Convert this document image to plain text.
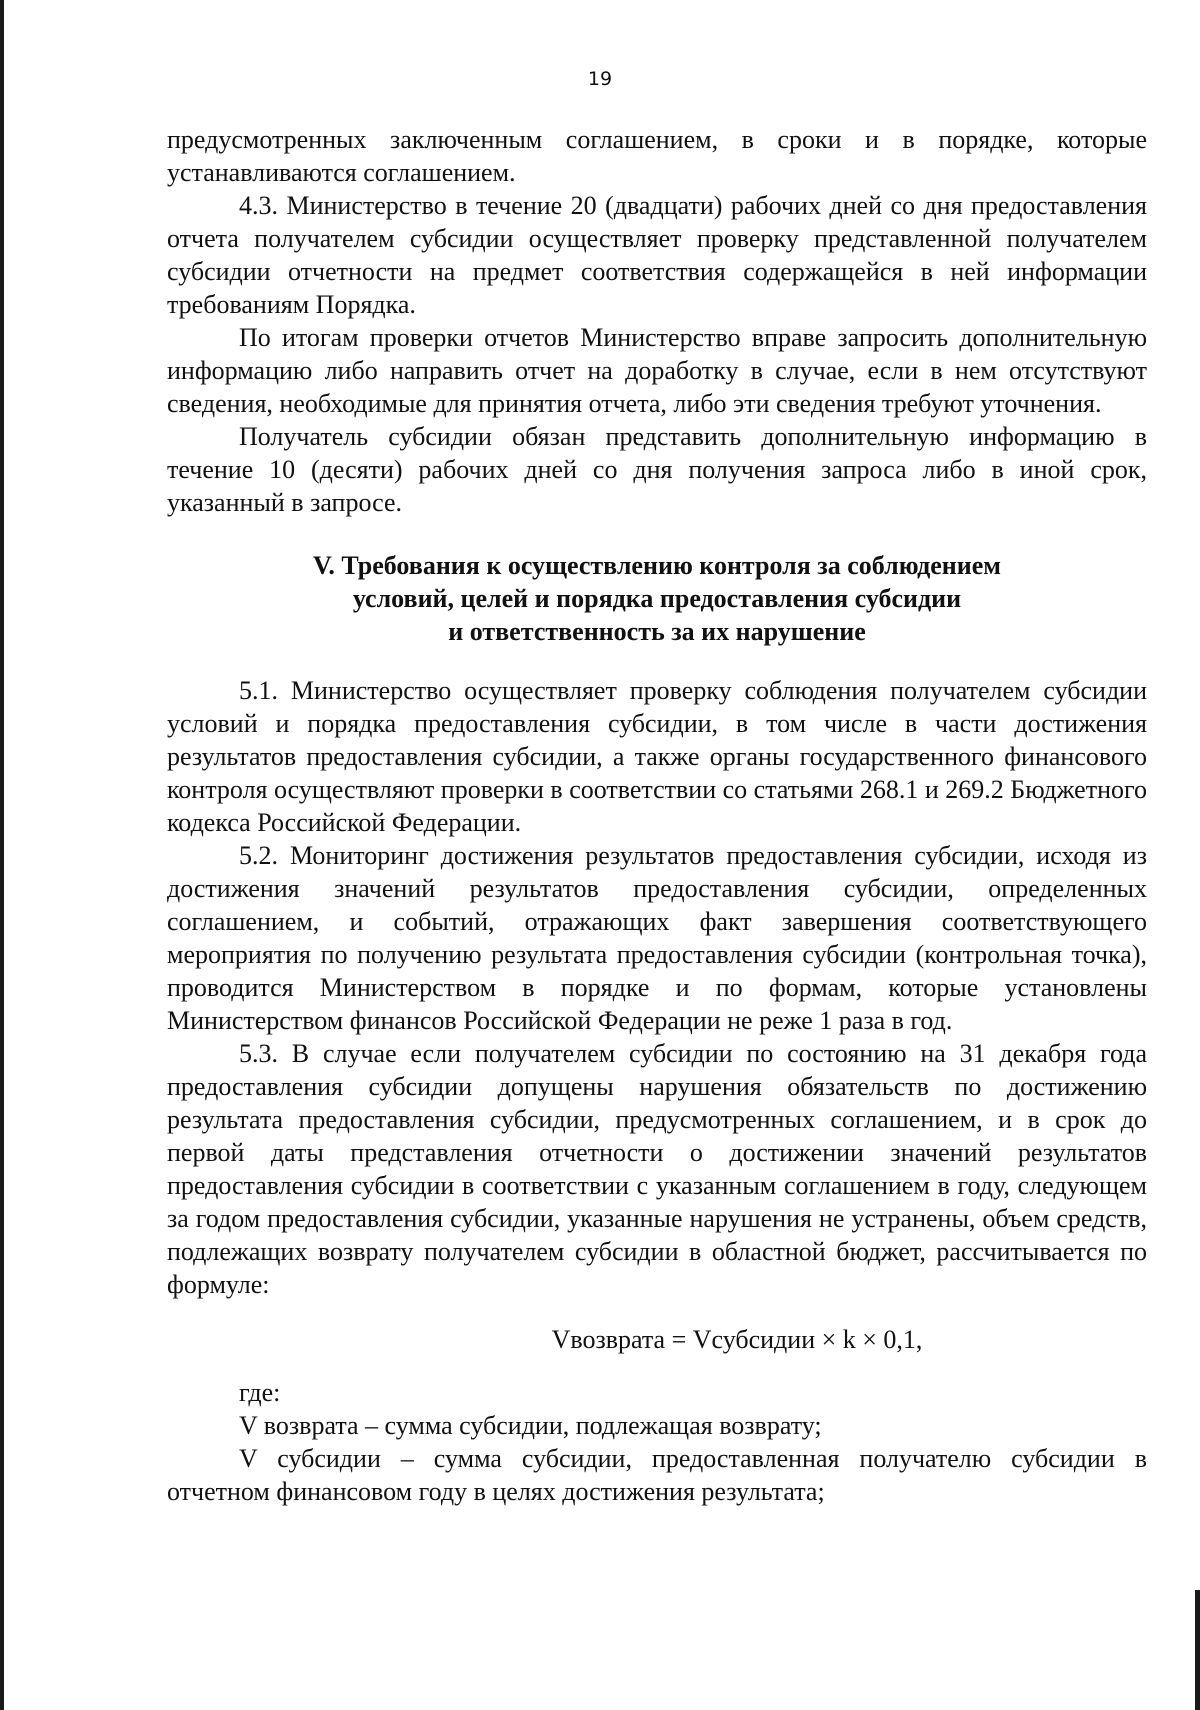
19

предусмотренных заключенным соглашением, в сроки и в порядке, которые устанавливаются соглашением.

4.3. Министерство в течение 20 (двадцати) рабочих дней со дня предоставления отчета получателем субсидии осуществляет проверку представленной получателем субсидии отчетности на предмет соответствия содержащейся в ней информации требованиям Порядка.

По итогам проверки отчетов Министерство вправе запросить дополнительную информацию либо направить отчет на доработку в случае, если в нем отсутствуют сведения, необходимые для принятия отчета, либо эти сведения требуют уточнения.

Получатель субсидии обязан представить дополнительную информацию в течение 10 (десяти) рабочих дней со дня получения запроса либо в иной срок, указанный в запросе.

V. Требования к осуществлению контроля за соблюдением
условий, целей и порядка предоставления субсидии
и ответственность за их нарушение

5.1. Министерство осуществляет проверку соблюдения получателем субсидии условий и порядка предоставления субсидии, в том числе в части достижения результатов предоставления субсидии, а также органы государственного финансового контроля осуществляют проверки в соответствии со статьями 268.1 и 269.2 Бюджетного кодекса Российской Федерации.

5.2. Мониторинг достижения результатов предоставления субсидии, исходя из достижения значений результатов предоставления субсидии, определенных соглашением, и событий, отражающих факт завершения соответствующего мероприятия по получению результата предоставления субсидии (контрольная точка), проводится Министерством в порядке и по формам, которые установлены Министерством финансов Российской Федерации не реже 1 раза в год.

5.3. В случае если получателем субсидии по состоянию на 31 декабря года предоставления субсидии допущены нарушения обязательств по достижению результата предоставления субсидии, предусмотренных соглашением, и в срок до первой даты представления отчетности о достижении значений результатов предоставления субсидии в соответствии с указанным соглашением в году, следующем за годом предоставления субсидии, указанные нарушения не устранены, объем средств, подлежащих возврату получателем субсидии в областной бюджет, рассчитывается по формуле:

Vвозврата = Vсубсидии × k × 0,1,

где:

V возврата – сумма субсидии, подлежащая возврату;

V субсидии – сумма субсидии, предоставленная получателю субсидии в отчетном финансовом году в целях достижения результата;
